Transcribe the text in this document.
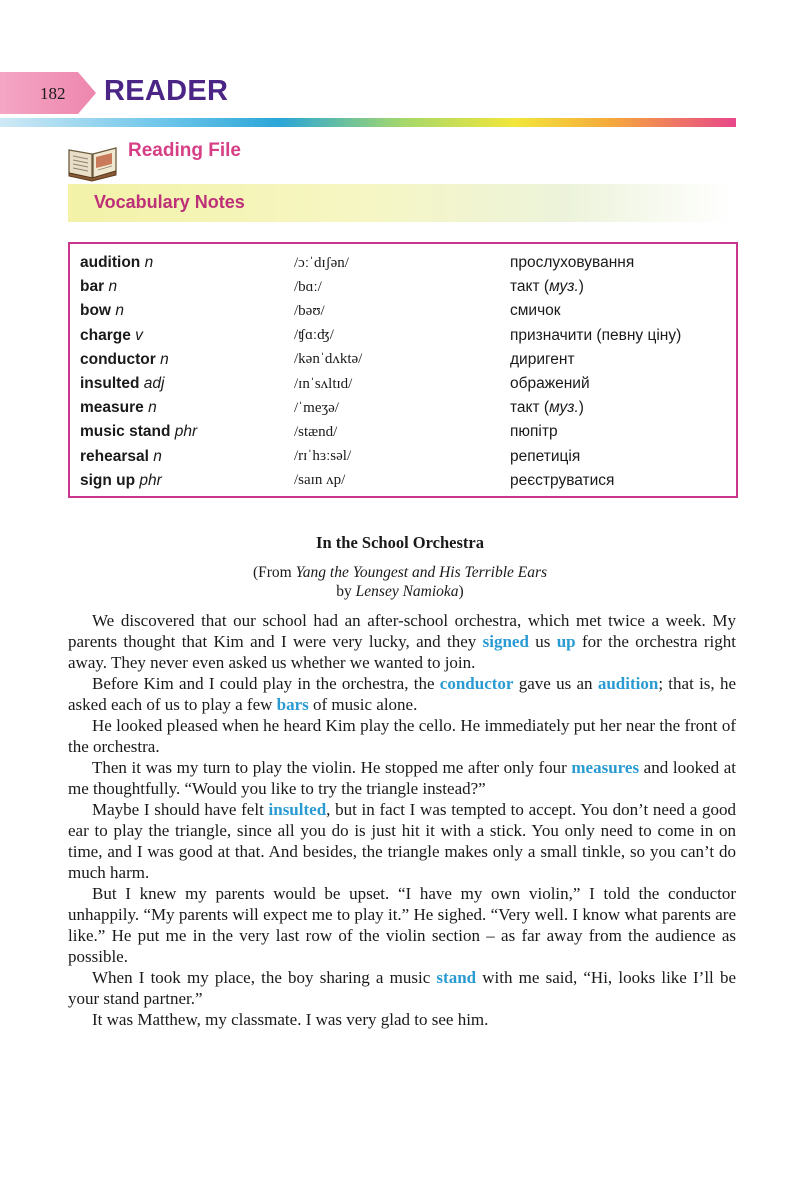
182 READER
Reading File
Vocabulary Notes
audition n	/ɔːˈdɪʃən/	прослуховування
bar n	/bɑː/	такт (муз.)
bow n	/bəʊ/	смичок
charge v	/ʧɑːʤ/	призначити (певну ціну)
conductor n	/kənˈdʌktə/	диригент
insulted adj	/ɪnˈsʌltɪd/	ображений
measure n	/ˈmeʒə/	такт (муз.)
music stand phr	/stænd/	пюпітр
rehearsal n	/rɪˈhɜːsəl/	репетиція
sign up phr	/saɪn ʌp/	реєструватися
In the School Orchestra
(From Yang the Youngest and His Terrible Ears
by Lensey Namioka)

We discovered that our school had an after-school orchestra, which met twice a week. My parents thought that Kim and I were very lucky, and they signed us up for the orchestra right away. They never even asked us whether we wanted to join.

Before Kim and I could play in the orchestra, the conductor gave us an audition; that is, he asked each of us to play a few bars of music alone.

He looked pleased when he heard Kim play the cello. He immediately put her near the front of the orchestra.

Then it was my turn to play the violin. He stopped me after only four measures and looked at me thoughtfully. “Would you like to try the triangle instead?”

Maybe I should have felt insulted, but in fact I was tempted to accept. You don’t need a good ear to play the triangle, since all you do is just hit it with a stick. You only need to come in on time, and I was good at that. And besides, the triangle makes only a small tinkle, so you can’t do much harm.

But I knew my parents would be upset. “I have my own violin,” I told the conductor unhappily. “My parents will expect me to play it.” He sighed. “Very well. I know what parents are like.” He put me in the very last row of the violin section – as far away from the audience as possible.

When I took my place, the boy sharing a music stand with me said, “Hi, looks like I’ll be your stand partner.”

It was Matthew, my classmate. I was very glad to see him.
